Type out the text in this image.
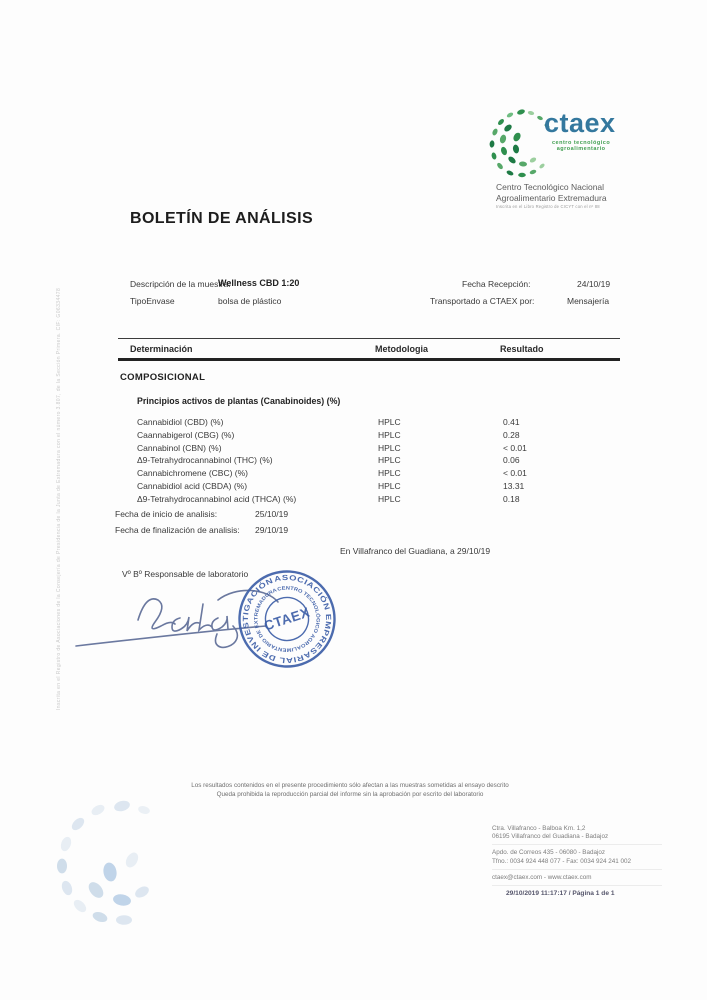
Inscrita en el Registro de Asociaciones de la Consejería de Presidencia de la Junta de Extremadura con el número 3.807, de la Sección Primera. CIF: G06334478
ctaex
centro tecnológico
agroalimentario
Centro Tecnológico Nacional
Agroalimentario Extremadura
Inscrita en el Libro Registro de CICYT con el nº 88
BOLETÍN DE ANÁLISIS
Descripción de la muestra:
Wellness CBD 1:20	Fecha Recepción:	24/10/19
TipoEnvase	bolsa de plástico	Transportado a CTAEX por:	Mensajería
Determinación	Metodologia	Resultado
COMPOSICIONAL
Principios activos de plantas (Canabinoides) (%)
Cannabidiol (CBD) (%)	HPLC	0.41
Caannabigerol (CBG) (%)	HPLC	0.28
Cannabinol (CBN) (%)	HPLC	< 0.01
Δ9-Tetrahydrocannabinol (THC) (%)	HPLC	0.06
Cannabichromene (CBC) (%)	HPLC	< 0.01
Cannabidiol acid (CBDA) (%)	HPLC	13.31
Δ9-Tetrahydrocannabinol acid (THCA) (%)	HPLC	0.18
Fecha de inicio de analisis:	25/10/19
Fecha de finalización de analisis: 29/10/19
En Villafranco del Guadiana, a 29/10/19
Vº Bº Responsable de laboratorio	ASOCIACIÓN EMPRESARIAL DE INVESTIGACIÓN
CENTRO TECNOLÓGICO AGROALIMENTARIO DE EXTREMADURA
CTAEX
Los resultados contenidos en el presente procedimiento sólo afectan a las muestras sometidas al ensayo descrito
Queda prohibida la reproducción parcial del informe sin la aprobación por escrito del laboratorio
Ctra. Villafranco - Balboa Km. 1,2
06195 Villafranco del Guadiana - Badajoz
Apdo. de Correos 435 - 06080 - Badajoz
Tfno.: 0034 924 448 077 - Fax: 0034 924 241 002
ctaex@ctaex.com - www.ctaex.com
29/10/2019 11:17:17 / Página 1 de 1
